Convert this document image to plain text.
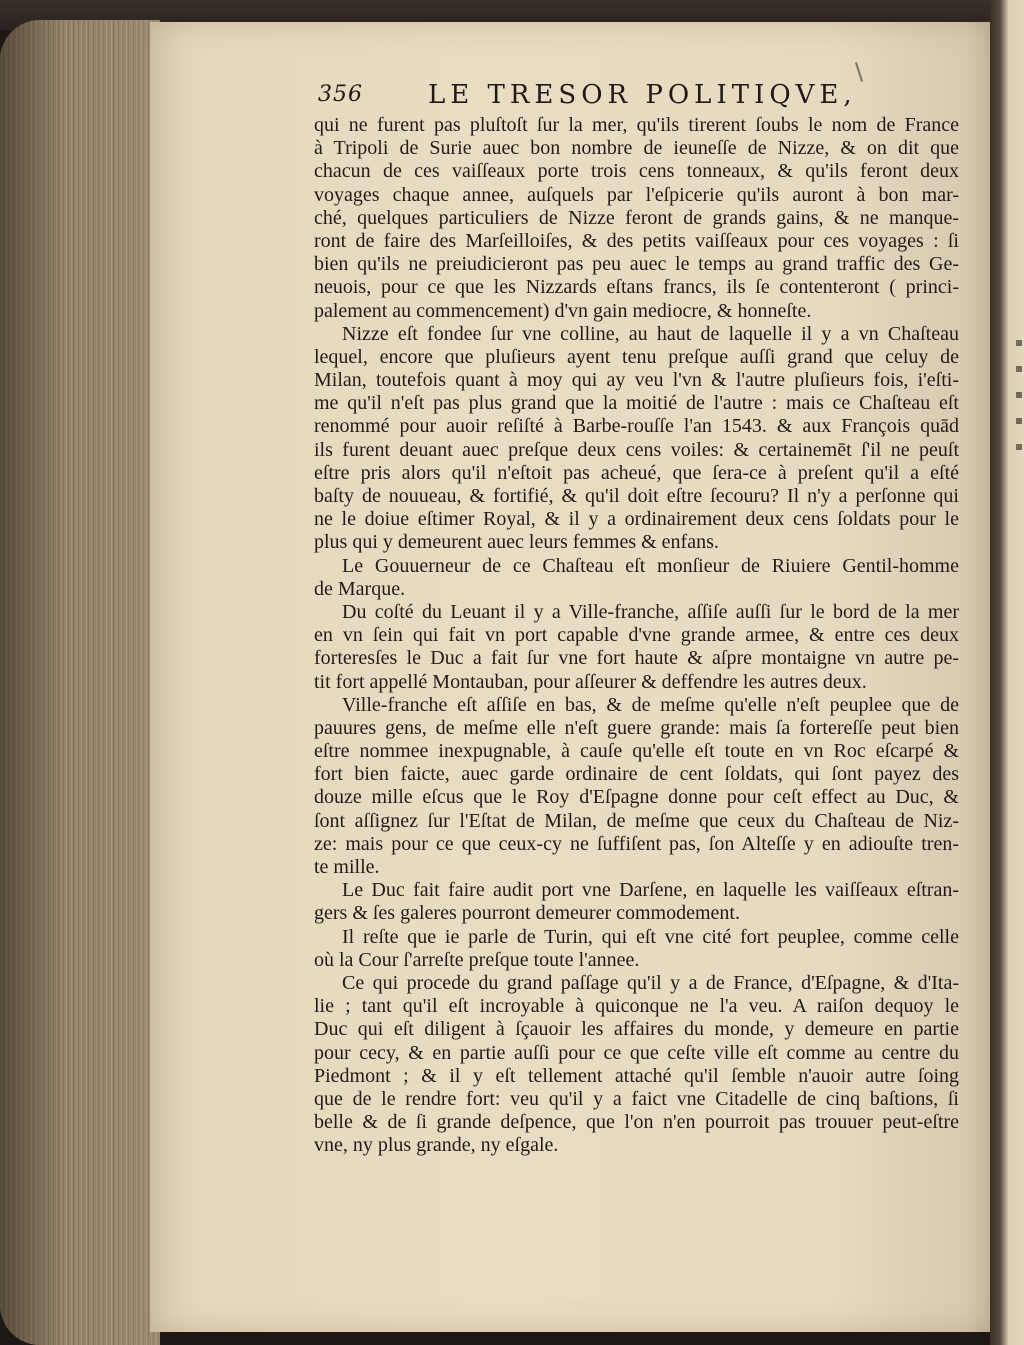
356	LE TRESOR POLITIQVE,
qui ne furent pas pluſtoſt ſur la mer, qu'ils tirerent ſoubs le nom de France
à Tripoli de Surie auec bon nombre de ieuneſſe de Nizze, & on dit que
chacun de ces vaiſſeaux porte trois cens tonneaux, & qu'ils feront deux
voyages chaque annee, auſquels par l'eſpicerie qu'ils auront à bon mar-
ché, quelques particuliers de Nizze feront de grands gains, & ne manque-
ront de faire des Marſeilloiſes, & des petits vaiſſeaux pour ces voyages : ſi
bien qu'ils ne preiudicieront pas peu auec le temps au grand traffic des Ge-
neuois, pour ce que les Nizzards eſtans francs, ils ſe contenteront ( princi-
palement au commencement) d'vn gain mediocre, & honneſte.
Nizze eſt fondee ſur vne colline, au haut de laquelle il y a vn Chaſteau
lequel, encore que pluſieurs ayent tenu preſque auſſi grand que celuy de
Milan, toutefois quant à moy qui ay veu l'vn & l'autre pluſieurs fois, i'eſti-
me qu'il n'eſt pas plus grand que la moitié de l'autre : mais ce Chaſteau eſt
renommé pour auoir reſiſté à Barbe-rouſſe l'an 1543. & aux François quād
ils furent deuant auec preſque deux cens voiles: & certainemēt ſ'il ne peuſt
eſtre pris alors qu'il n'eſtoit pas acheué, que ſera-ce à preſent qu'il a eſté
baſty de nouueau, & fortifié, & qu'il doit eſtre ſecouru? Il n'y a perſonne qui
ne le doiue eſtimer Royal, & il y a ordinairement deux cens ſoldats pour le
plus qui y demeurent auec leurs femmes & enfans.
Le Gouuerneur de ce Chaſteau eſt monſieur de Riuiere Gentil-homme
de Marque.
Du coſté du Leuant il y a Ville-franche, aſſiſe auſſi ſur le bord de la mer
en vn ſein qui fait vn port capable d'vne grande armee, & entre ces deux
forteresſes le Duc a fait ſur vne fort haute & aſpre montaigne vn autre pe-
tit fort appellé Montauban, pour aſſeurer & deffendre les autres deux.
Ville-franche eſt aſſiſe en bas, & de meſme qu'elle n'eſt peuplee que de
pauures gens, de meſme elle n'eſt guere grande: mais ſa fortereſſe peut bien
eſtre nommee inexpugnable, à cauſe qu'elle eſt toute en vn Roc eſcarpé &
fort bien faicte, auec garde ordinaire de cent ſoldats, qui ſont payez des
douze mille eſcus que le Roy d'Eſpagne donne pour ceſt effect au Duc, &
ſont aſſignez ſur l'Eſtat de Milan, de meſme que ceux du Chaſteau de Niz-
ze: mais pour ce que ceux-cy ne ſuffiſent pas, ſon Alteſſe y en adiouſte tren-
te mille.
Le Duc fait faire audit port vne Darſene, en laquelle les vaiſſeaux eſtran-
gers & ſes galeres pourront demeurer commodement.
Il reſte que ie parle de Turin, qui eſt vne cité fort peuplee, comme celle
où la Cour ſ'arreſte preſque toute l'annee.
Ce qui procede du grand paſſage qu'il y a de France, d'Eſpagne, & d'Ita-
lie ; tant qu'il eſt incroyable à quiconque ne l'a veu. A raiſon dequoy le
Duc qui eſt diligent à ſçauoir les affaires du monde, y demeure en partie
pour cecy, & en partie auſſi pour ce que ceſte ville eſt comme au centre du
Piedmont ; & il y eſt tellement attaché qu'il ſemble n'auoir autre ſoing
que de le rendre fort: veu qu'il y a faict vne Citadelle de cinq baſtions, ſi
belle & de ſi grande deſpence, que l'on n'en pourroit pas trouuer peut-eſtre
vne, ny plus grande, ny eſgale.
